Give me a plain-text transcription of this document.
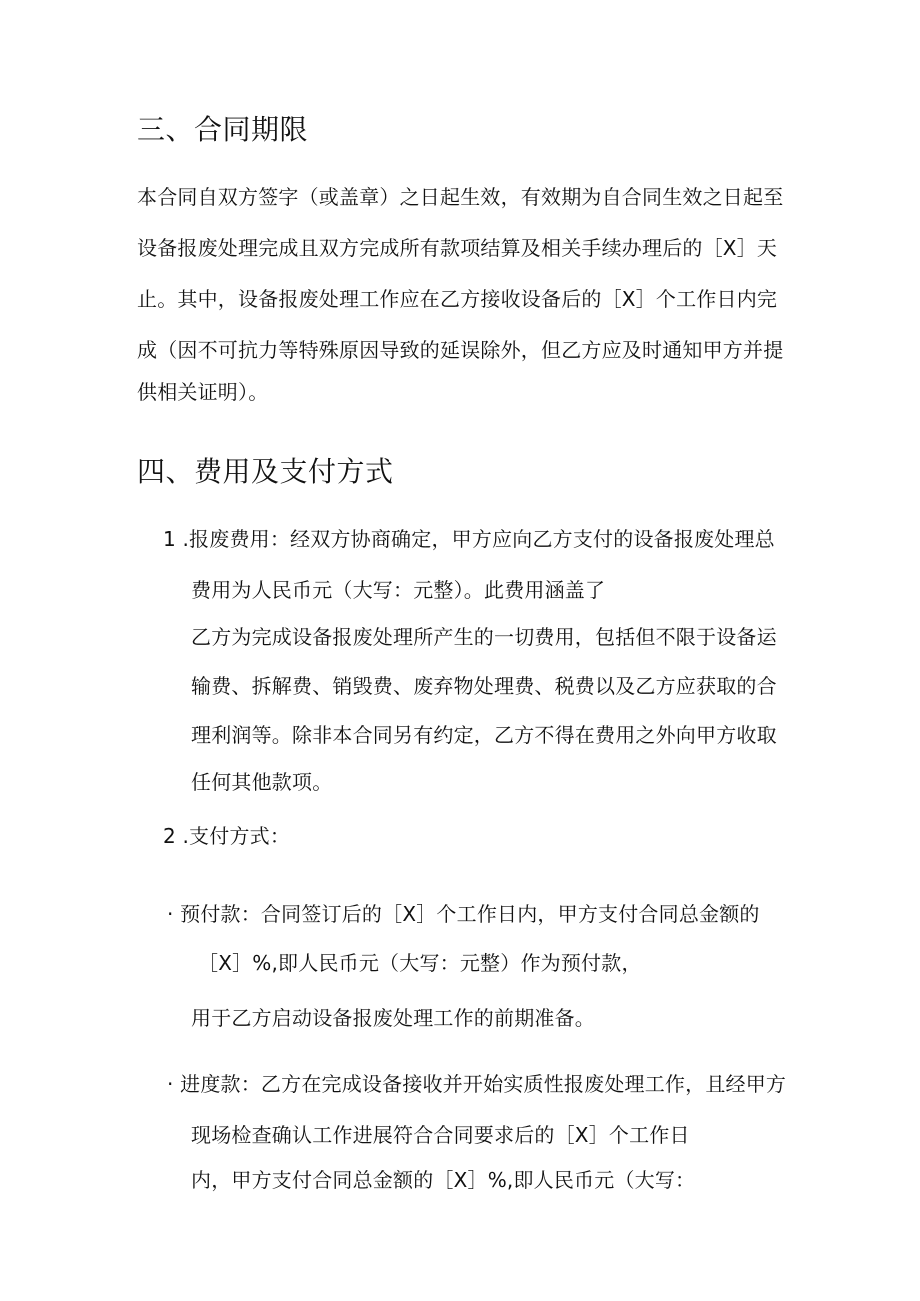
三、合同期限
本合同自双方签字（或盖章）之日起生效，有效期为自合同生效之日起至
设备报废处理完成且双方完成所有款项结算及相关手续办理后的［X］天
止。其中，设备报废处理工作应在乙方接收设备后的［X］个工作日内完
成（因不可抗力等特殊原因导致的延误除外，但乙方应及时通知甲方并提
供相关证明）。
四、费用及支付方式
1 .报废费用：经双方协商确定，甲方应向乙方支付的设备报废处理总
费用为人民币元（大写：元整）。此费用涵盖了
乙方为完成设备报废处理所产生的一切费用，包括但不限于设备运
输费、拆解费、销毁费、废弃物处理费、税费以及乙方应获取的合
理利润等。除非本合同另有约定，乙方不得在费用之外向甲方收取
任何其他款项。
2 .支付方式：
· 预付款：合同签订后的［X］个工作日内，甲方支付合同总金额的
［X］%,即人民币元（大写：元整）作为预付款，
用于乙方启动设备报废处理工作的前期准备。
· 进度款：乙方在完成设备接收并开始实质性报废处理工作，且经甲方
现场检查确认工作进展符合合同要求后的［X］个工作日
内，甲方支付合同总金额的［X］%,即人民币元（大写：
